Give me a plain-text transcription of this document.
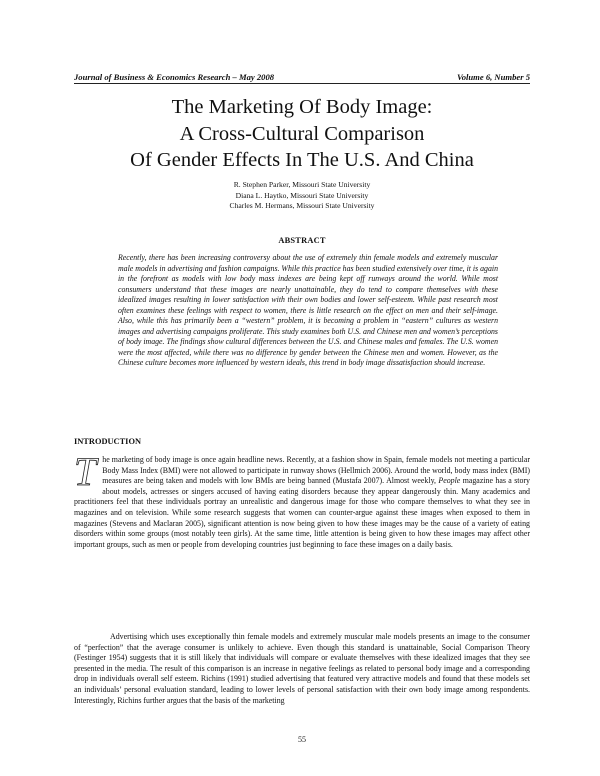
Journal of Business & Economics Research – May 2008	Volume 6, Number 5
The Marketing Of Body Image:
A Cross-Cultural Comparison
Of Gender Effects In The U.S. And China
R. Stephen Parker, Missouri State University
Diana L. Haytko, Missouri State University
Charles M. Hermans, Missouri State University
ABSTRACT

Recently, there has been increasing controversy about the use of extremely thin female models and extremely muscular male models in advertising and fashion campaigns. While this practice has been studied extensively over time, it is again in the forefront as models with low body mass indexes are being kept off runways around the world. While most consumers understand that these images are nearly unattainable, they do tend to compare themselves with these idealized images resulting in lower satisfaction with their own bodies and lower self-esteem. While past research most often examines these feelings with respect to women, there is little research on the effect on men and their self-image. Also, while this has primarily been a “western” problem, it is becoming a problem in “eastern” cultures as western images and advertising campaigns proliferate. This study examines both U.S. and Chinese men and women’s perceptions of body image. The findings show cultural differences between the U.S. and Chinese males and females. The U.S. women were the most affected, while there was no difference by gender between the Chinese men and women. However, as the Chinese culture becomes more influenced by western ideals, this trend in body image dissatisfaction should increase.

INTRODUCTION

The marketing of body image is once again headline news. Recently, at a fashion show in Spain, female models not meeting a particular Body Mass Index (BMI) were not allowed to participate in runway shows (Hellmich 2006). Around the world, body mass index (BMI) measures are being taken and models with low BMIs are being banned (Mustafa 2007). Almost weekly, People magazine has a story about models, actresses or singers accused of having eating disorders because they appear dangerously thin. Many academics and practitioners feel that these individuals portray an unrealistic and dangerous image for those who compare themselves to what they see in magazines and on television. While some research suggests that women can counter-argue against these images when exposed to them in magazines (Stevens and Maclaran 2005), significant attention is now being given to how these images may be the cause of a variety of eating disorders within some groups (most notably teen girls). At the same time, little attention is being given to how these images may affect other important groups, such as men or people from developing countries just beginning to face these images on a daily basis.

Advertising which uses exceptionally thin female models and extremely muscular male models presents an image to the consumer of “perfection” that the average consumer is unlikely to achieve. Even though this standard is unattainable, Social Comparison Theory (Festinger 1954) suggests that it is still likely that individuals will compare or evaluate themselves with these idealized images that they see presented in the media. The result of this comparison is an increase in negative feelings as related to personal body image and a corresponding drop in individuals overall self esteem. Richins (1991) studied advertising that featured very attractive models and found that these models set an individuals’ personal evaluation standard, leading to lower levels of personal satisfaction with their own body image among respondents. Interestingly, Richins further argues that the basis of the marketing

55
